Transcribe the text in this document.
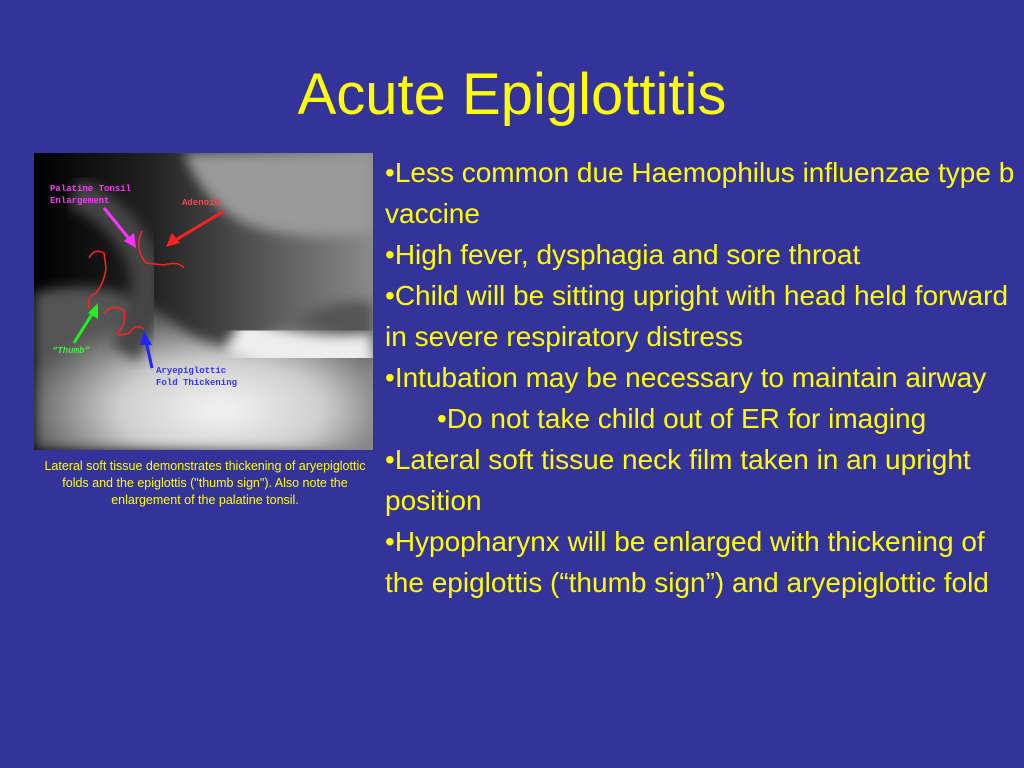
Acute Epiglottitis
Palatine Tonsil Enlargement	Adenoid
“Thumb”
Aryepiglottic Fold Thickening
Lateral soft tissue demonstrates thickening of aryepiglottic folds and the epiglottis ("thumb sign"). Also note the enlargement of the palatine tonsil.
• Less common due Haemophilus influenzae type b vaccine
• High fever, dysphagia and sore throat
• Child will be sitting upright with head held forward in severe respiratory distress
• Intubation may be necessary to maintain airway
• Do not take child out of ER for imaging
• Lateral soft tissue neck film taken in an upright position
• Hypopharynx will be enlarged with thickening of the epiglottis (“thumb sign”) and aryepiglottic fold
